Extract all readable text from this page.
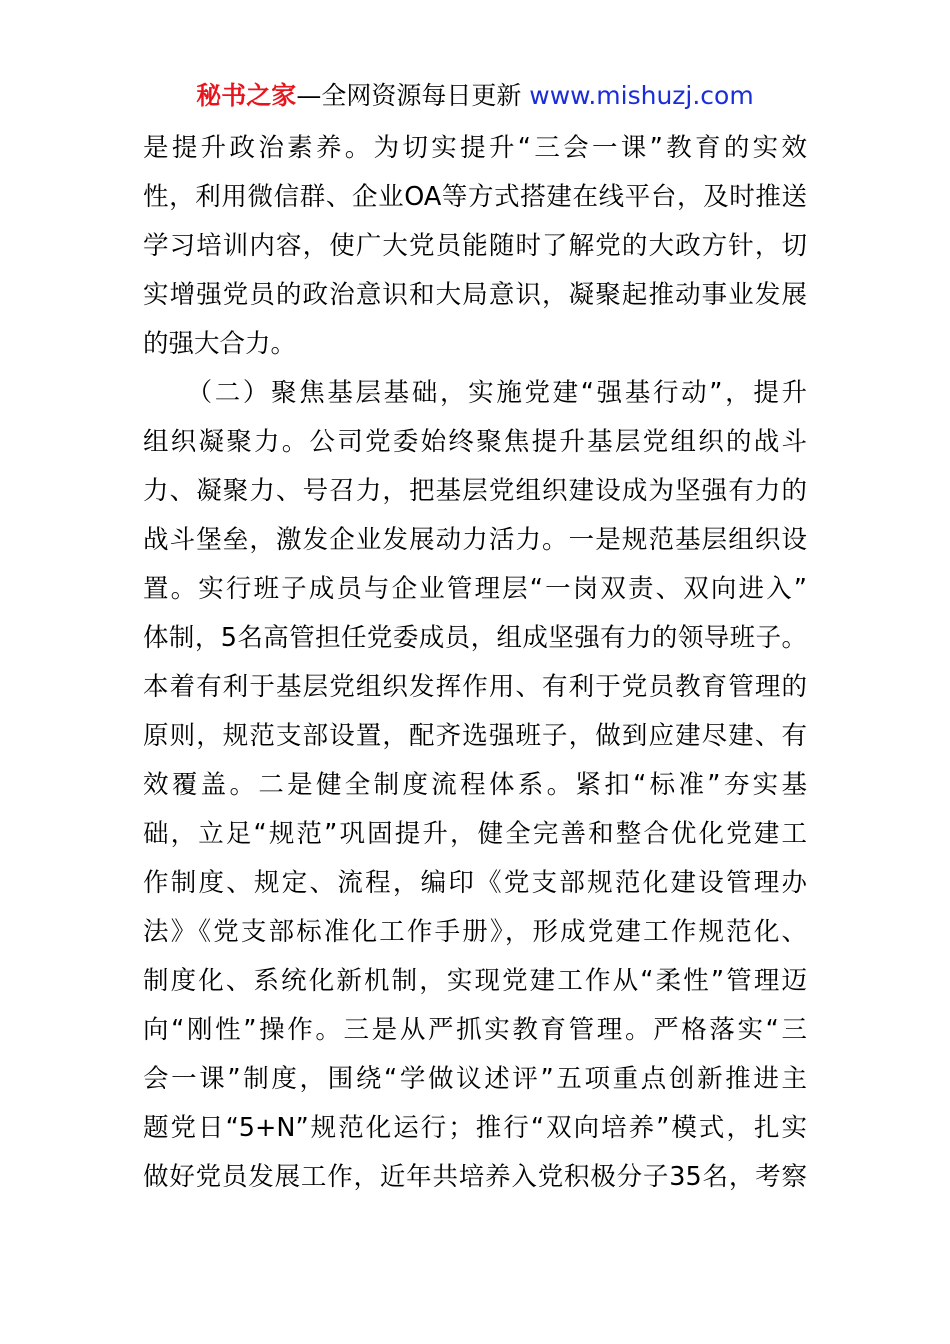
秘书之家—全网资源每日更新 www.mishuzj.com
是提升政治素养。为切实提升“三会一课”教育的实效
性，利用微信群、企业OA等方式搭建在线平台，及时推送
学习培训内容，使广大党员能随时了解党的大政方针，切
实增强党员的政治意识和大局意识，凝聚起推动事业发展
的强大合力。
　　（二）聚焦基层基础，实施党建“强基行动”，提升
组织凝聚力。公司党委始终聚焦提升基层党组织的战斗
力、凝聚力、号召力，把基层党组织建设成为坚强有力的
战斗堡垒，激发企业发展动力活力。一是规范基层组织设
置。实行班子成员与企业管理层“一岗双责、双向进入”
体制，5名高管担任党委成员，组成坚强有力的领导班子。
本着有利于基层党组织发挥作用、有利于党员教育管理的
原则，规范支部设置，配齐选强班子，做到应建尽建、有
效覆盖。二是健全制度流程体系。紧扣“标准”夯实基
础，立足“规范”巩固提升，健全完善和整合优化党建工
作制度、规定、流程，编印《党支部规范化建设管理办
法》《党支部标准化工作手册》，形成党建工作规范化、
制度化、系统化新机制，实现党建工作从“柔性”管理迈
向“刚性”操作。三是从严抓实教育管理。严格落实“三
会一课”制度，围绕“学做议述评”五项重点创新推进主
题党日“5+N”规范化运行；推行“双向培养”模式，扎实
做好党员发展工作，近年共培养入党积极分子35名，考察
